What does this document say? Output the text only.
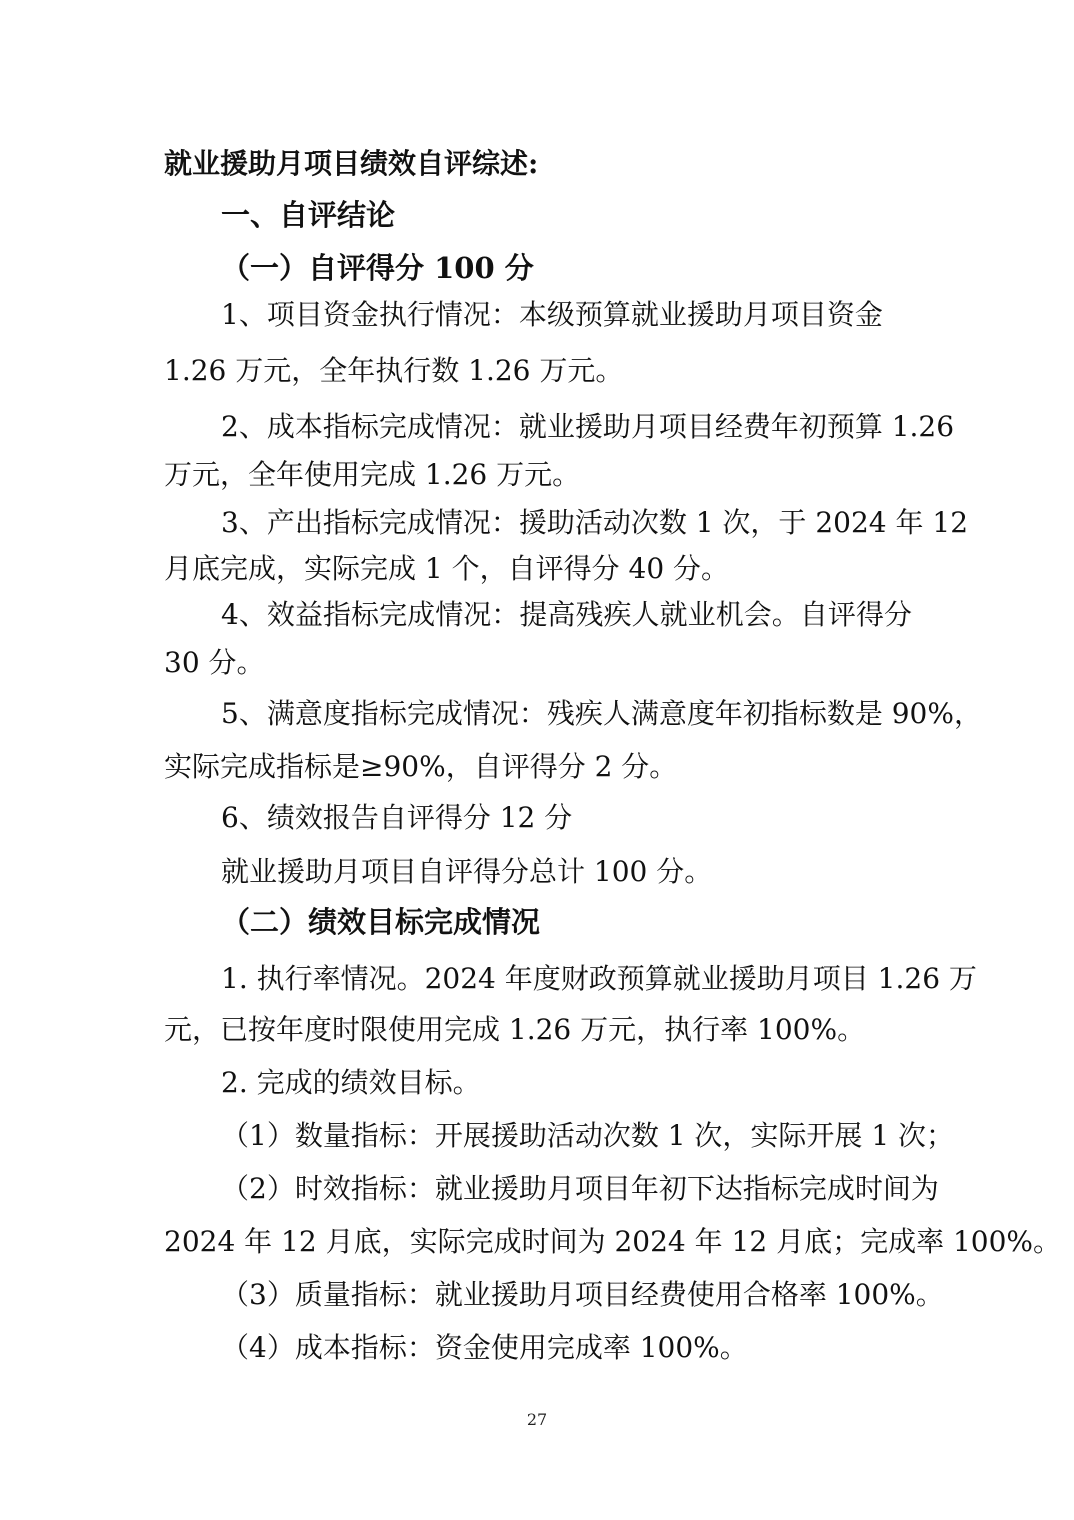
就业援助月项目绩效自评综述:

一、自评结论

（一）自评得分 100 分

1、项目资金执行情况：本级预算就业援助月项目资金

1.26 万元，全年执行数 1.26 万元。

2、成本指标完成情况：就业援助月项目经费年初预算 1.26

万元，全年使用完成 1.26 万元。

3、产出指标完成情况：援助活动次数 1 次，于 2024 年 12

月底完成，实际完成 1 个，自评得分 40 分。

4、效益指标完成情况：提高残疾人就业机会。自评得分

30 分。

5、满意度指标完成情况：残疾人满意度年初指标数是 90%，

实际完成指标是≥90%，自评得分 2 分。

6、绩效报告自评得分 12 分

就业援助月项目自评得分总计 100 分。

（二）绩效目标完成情况

1. 执行率情况。2024 年度财政预算就业援助月项目 1.26 万

元，已按年度时限使用完成 1.26 万元，执行率 100%。

2. 完成的绩效目标。

（1）数量指标：开展援助活动次数 1 次，实际开展 1 次；

（2）时效指标：就业援助月项目年初下达指标完成时间为

2024 年 12 月底，实际完成时间为 2024 年 12 月底；完成率 100%。

（3）质量指标：就业援助月项目经费使用合格率 100%。

（4）成本指标：资金使用完成率 100%。

27
